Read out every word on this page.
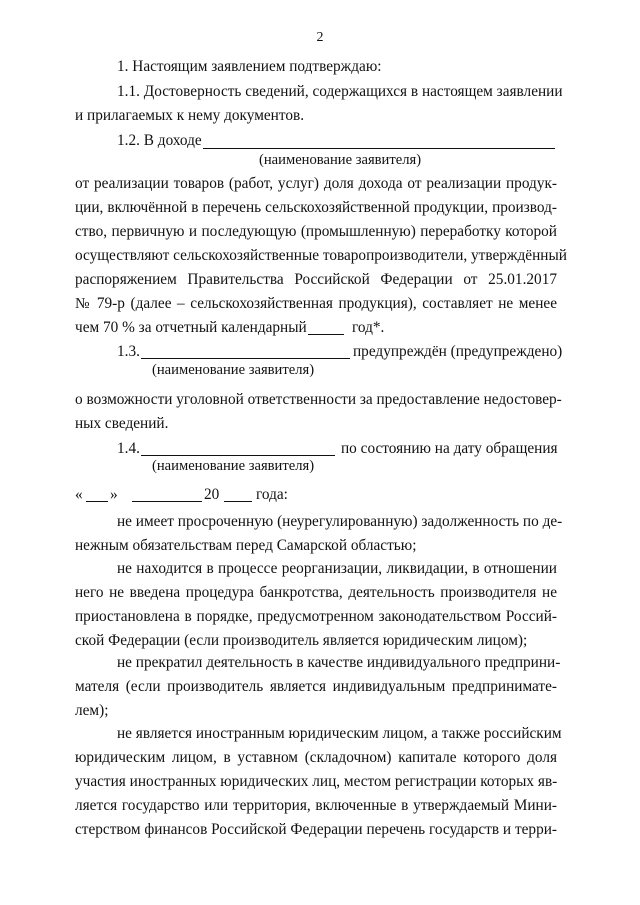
2
1. Настоящим заявлением подтверждаю:
1.1. Достоверность сведений, содержащихся в настоящем заявлении
и прилагаемых к нему документов.
1.2. В доходе
(наименование заявителя)
от реализации товаров (работ, услуг) доля дохода от реализации продук-
ции, включённой в перечень сельскохозяйственной продукции, производ-
ство, первичную и последующую (промышленную) переработку которой
осуществляют сельскохозяйственные товаропроизводители, утверждённый
распоряжением Правительства Российской Федерации от 25.01.2017
№ 79-р (далее – сельскохозяйственная продукция), составляет не менее
чем 70 % за отчетный календарный	год*.
1.3.	предупреждён (предупреждено)
(наименование заявителя)
о возможности уголовной ответственности за предоставление недостовер-
ных сведений.
1.4.	по состоянию на дату обращения
(наименование заявителя)
« »	20 года:
не имеет просроченную (неурегулированную) задолженность по де-
нежным обязательствам перед Самарской областью;
не находится в процессе реорганизации, ликвидации, в отношении
него не введена процедура банкротства, деятельность производителя не
приостановлена в порядке, предусмотренном законодательством Россий-
ской Федерации (если производитель является юридическим лицом);
не прекратил деятельность в качестве индивидуального предприни-
мателя (если производитель является индивидуальным предпринимате-
лем);
не является иностранным юридическим лицом, а также российским
юридическим лицом, в уставном (складочном) капитале которого доля
участия иностранных юридических лиц, местом регистрации которых яв-
ляется государство или территория, включенные в утверждаемый Мини-
стерством финансов Российской Федерации перечень государств и терри-
